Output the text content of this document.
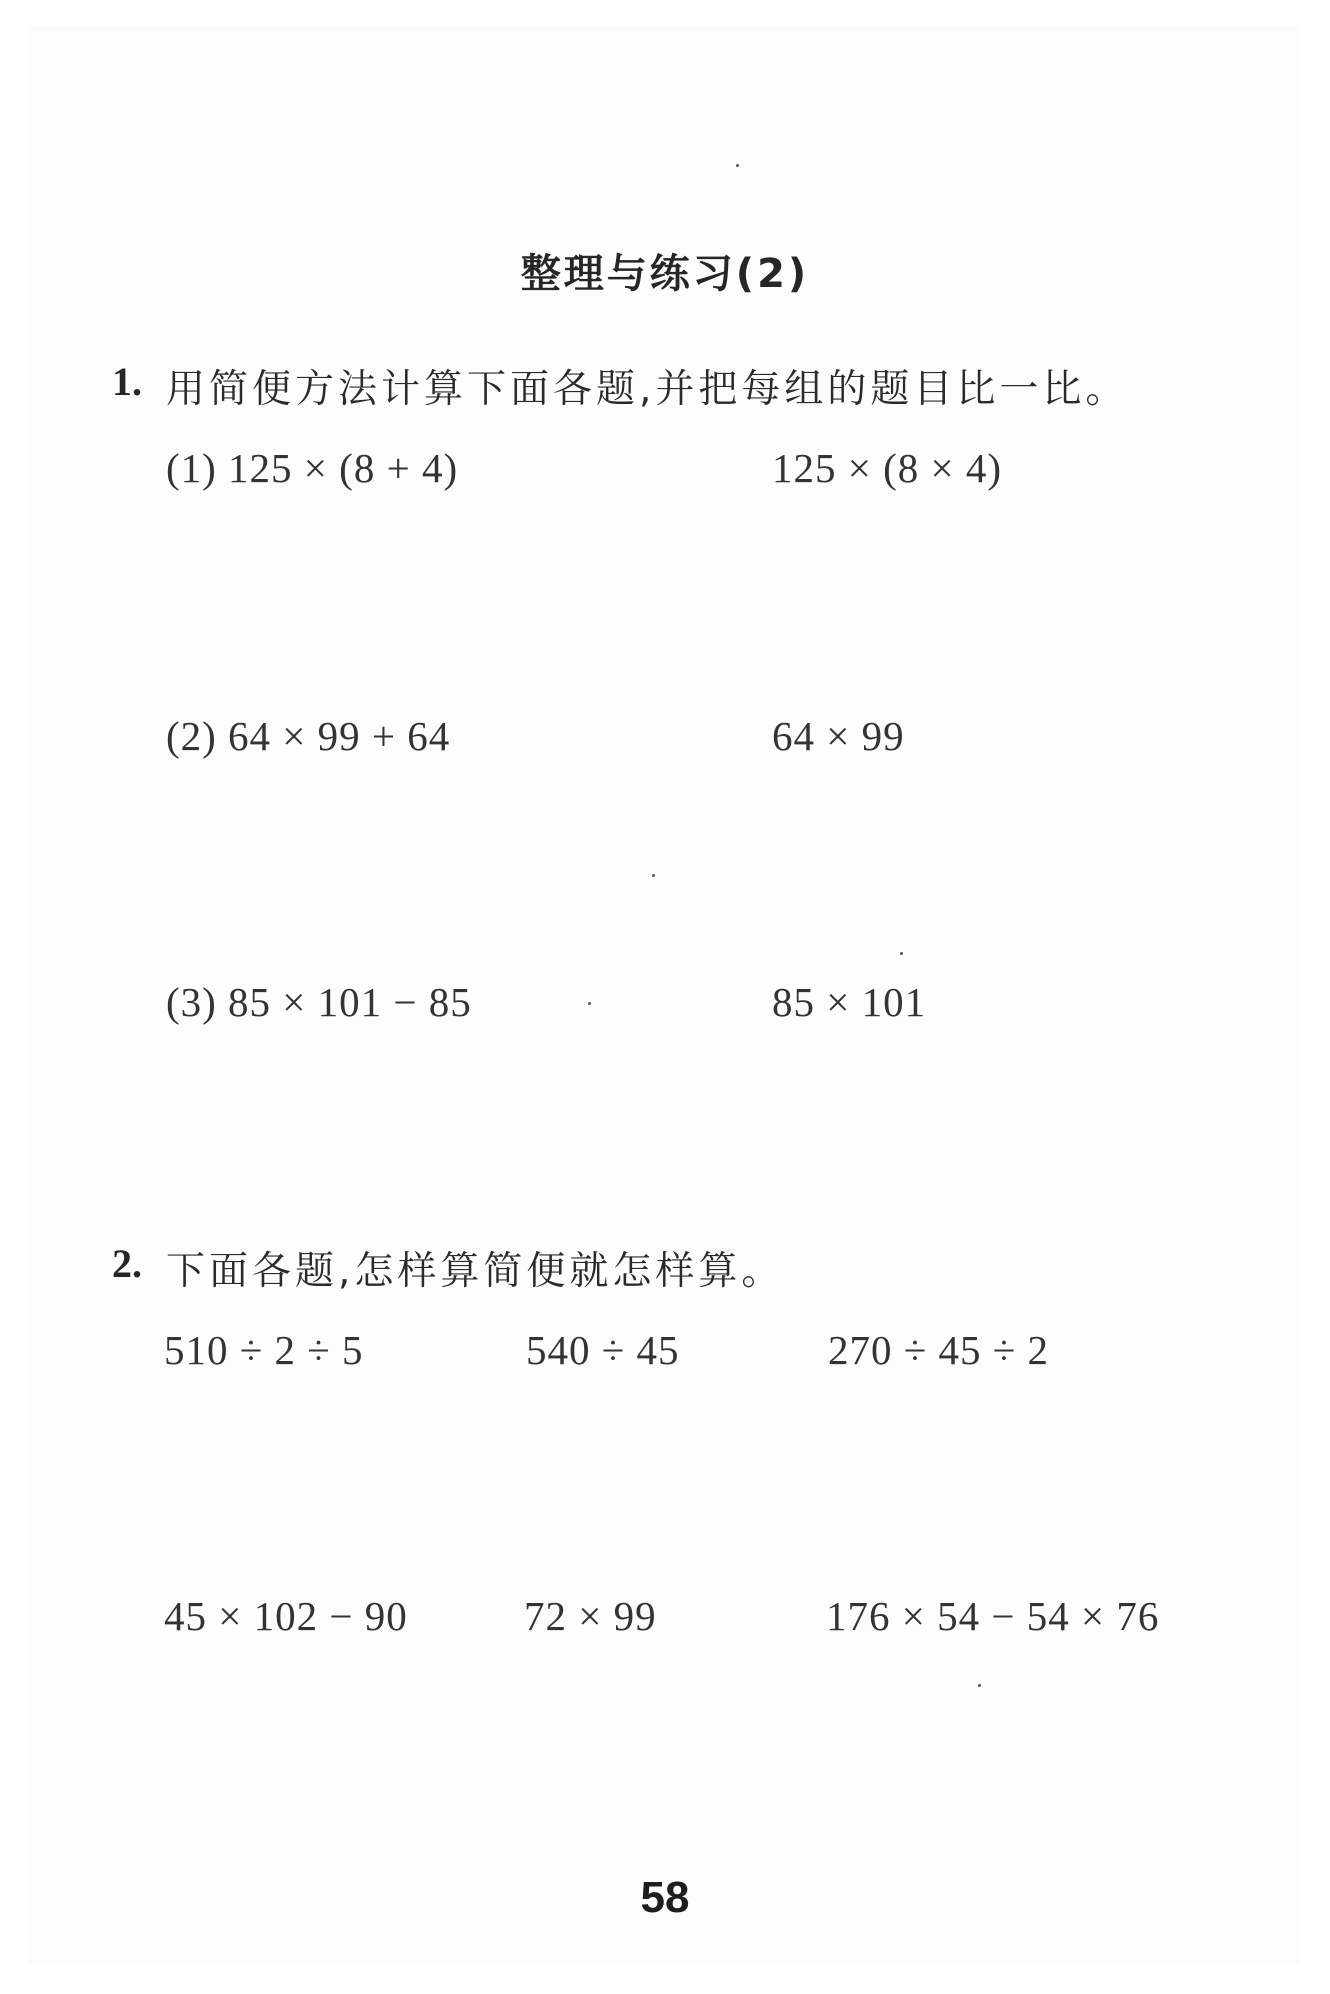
整理与练习(2)
1. 用简便方法计算下面各题,并把每组的题目比一比。
(1) 125 × (8 + 4)	125 × (8 × 4)
(2) 64 × 99 + 64	64 × 99
(3) 85 × 101 − 85	85 × 101
2. 下面各题,怎样算简便就怎样算。
510 ÷ 2 ÷ 5	540 ÷ 45	270 ÷ 45 ÷ 2
45 × 102 − 90	72 × 99	176 × 54 − 54 × 76
58
